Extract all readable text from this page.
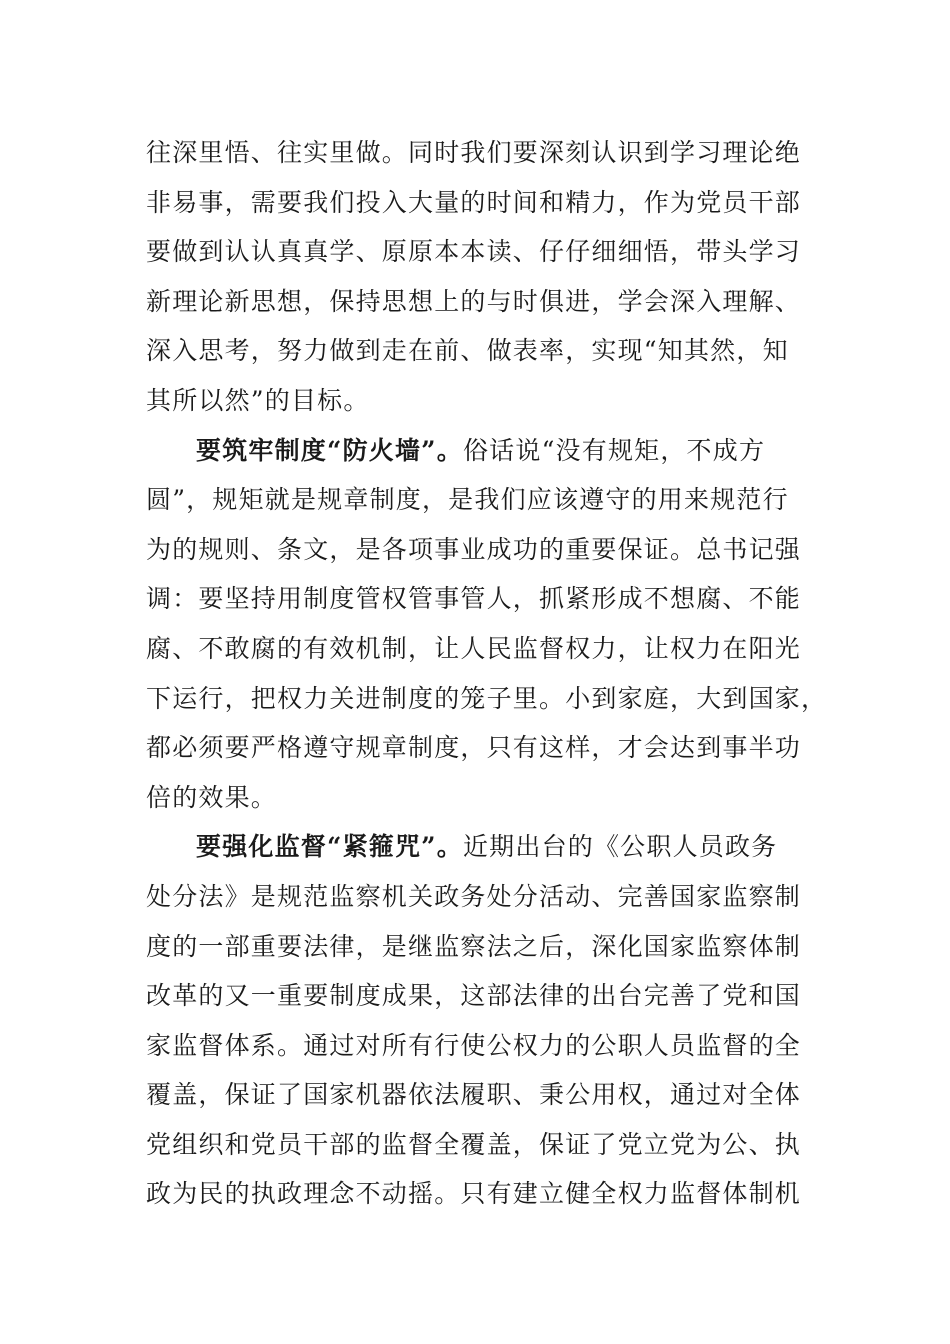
往深里悟、往实里做。同时我们要深刻认识到学习理论绝
非易事，需要我们投入大量的时间和精力，作为党员干部
要做到认认真真学、原原本本读、仔仔细细悟，带头学习
新理论新思想，保持思想上的与时俱进，学会深入理解、
深入思考，努力做到走在前、做表率，实现“知其然，知
其所以然”的目标。
要筑牢制度“防火墙”。俗话说“没有规矩，不成方
圆”，规矩就是规章制度，是我们应该遵守的用来规范行
为的规则、条文，是各项事业成功的重要保证。总书记强
调：要坚持用制度管权管事管人，抓紧形成不想腐、不能
腐、不敢腐的有效机制，让人民监督权力，让权力在阳光
下运行，把权力关进制度的笼子里。小到家庭，大到国家，
都必须要严格遵守规章制度，只有这样，才会达到事半功
倍的效果。
要强化监督“紧箍咒”。近期出台的《公职人员政务
处分法》是规范监察机关政务处分活动、完善国家监察制
度的一部重要法律，是继监察法之后，深化国家监察体制
改革的又一重要制度成果，这部法律的出台完善了党和国
家监督体系。通过对所有行使公权力的公职人员监督的全
覆盖，保证了国家机器依法履职、秉公用权，通过对全体
党组织和党员干部的监督全覆盖，保证了党立党为公、执
政为民的执政理念不动摇。只有建立健全权力监督体制机
